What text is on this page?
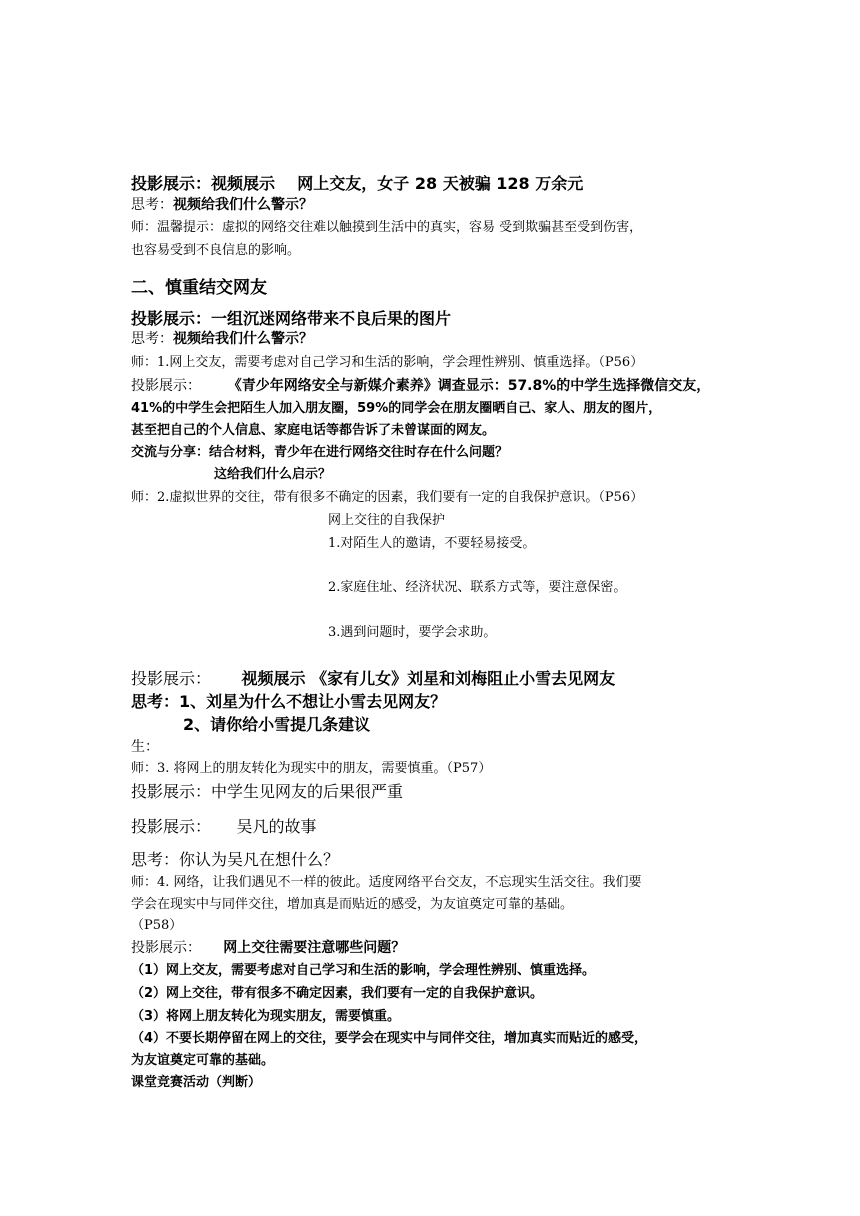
投影展示：视频展示 网上交友，女子 28 天被骗 128 万余元
思考：视频给我们什么警示？
师：温馨提示：虚拟的网络交往难以触摸到生活中的真实，容易 受到欺骗甚至受到伤害，
也容易受到不良信息的影响。
二、慎重结交网友
投影展示：一组沉迷网络带来不良后果的图片
思考：视频给我们什么警示？
师：1.网上交友，需要考虑对自己学习和生活的影响，学会理性辨别、慎重选择。（P56）
投影展示： 《青少年网络安全与新媒介素养》调查显示：57.8%的中学生选择微信交友，
41%的中学生会把陌生人加入朋友圈，59%的同学会在朋友圈晒自己、家人、朋友的图片，
甚至把自己的个人信息、家庭电话等都告诉了未曾谋面的网友。
交流与分享：结合材料，青少年在进行网络交往时存在什么问题？
这给我们什么启示？
师：2.虚拟世界的交往，带有很多不确定的因素，我们要有一定的自我保护意识。（P56）
网上交往的自我保护
1.对陌生人的邀请，不要轻易接受。
2.家庭住址、经济状况、联系方式等，要注意保密。
3.遇到问题时，要学会求助。
投影展示： 视频展示 《家有儿女》刘星和刘梅阻止小雪去见网友
思考：1、刘星为什么不想让小雪去见网友？
2、请你给小雪提几条建议
生：
师：3. 将网上的朋友转化为现实中的朋友，需要慎重。（P57）
投影展示：中学生见网友的后果很严重
投影展示： 吴凡的故事
思考：你认为吴凡在想什么？
师：4. 网络，让我们遇见不一样的彼此。适度网络平台交友，不忘现实生活交往。我们要
学会在现实中与同伴交往，增加真是而贴近的感受，为友谊奠定可靠的基础。
（P58）
投影展示： 网上交往需要注意哪些问题？
（1）网上交友，需要考虑对自己学习和生活的影响，学会理性辨别、慎重选择。
（2）网上交往，带有很多不确定因素，我们要有一定的自我保护意识。
（3）将网上朋友转化为现实朋友，需要慎重。
（4）不要长期停留在网上的交往，要学会在现实中与同伴交往，增加真实而贴近的感受，
为友谊奠定可靠的基础。
课堂竞赛活动（判断）
